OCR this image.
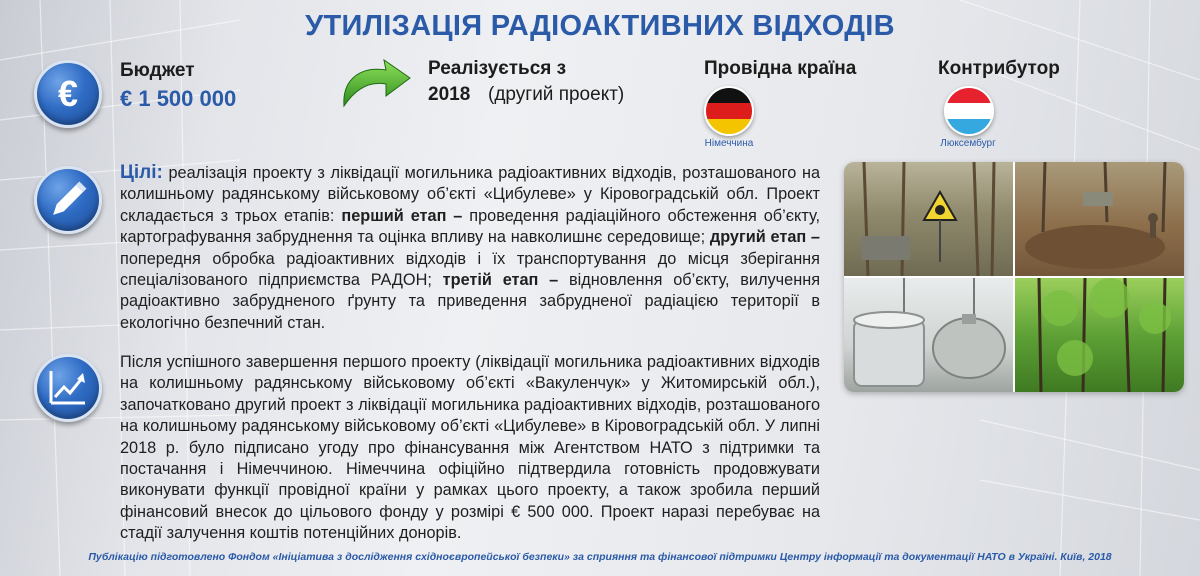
УТИЛІЗАЦІЯ РАДІОАКТИВНИХ ВІДХОДІВ
€
Бюджет
€ 1 500 000
Реалізується з
2018 (другий проект)
Провідна країна
Німеччина
Контрибутор
Люксембург
Цілі: реалізація проекту з ліквідації могильника радіоактивних відходів, розташованого на колишньому радянському військовому об’єкті «Цибулеве» у Кіровоградській обл. Проект складається з трьох етапів: перший етап – проведення радіаційного обстеження об’єкту, картографування забруднення та оцінка впливу на навколишнє середовище; другий етап – попередня обробка радіоактивних відходів і їх транспортування до місця зберігання спеціалізованого підприємства РАДОН; третій етап – відновлення об’єкту, вилучення радіоактивно забрудненого ґрунту та приведення забрудненої радіацією території в екологічно безпечний стан.
Після успішного завершення першого проекту (ліквідації могильника радіоактивних відходів на колишньому радянському військовому об’єкті «Вакуленчук» у Житомирській обл.), започатковано другий проект з ліквідації могильника радіоактивних відходів, розташованого на колишньому радянському військовому об’єкті «Цибулеве» в Кіровоградській обл. У липні 2018 р. було підписано угоду про фінансування між Агентством НАТО з підтримки та постачання і Німеччиною. Німеччина офіційно підтвердила готовність продовжувати виконувати функції провідної країни у рамках цього проекту, а також зробила перший фінансовий внесок до цільового фонду у розмірі € 500 000. Проект наразі перебуває на стадії залучення коштів потенційних донорів.
Публікацію підготовлено Фондом «Ініціатива з дослідження східноєвропейської безпеки» за сприяння та фінансової підтримки Центру інформації та документації НАТО в Україні. Київ, 2018
